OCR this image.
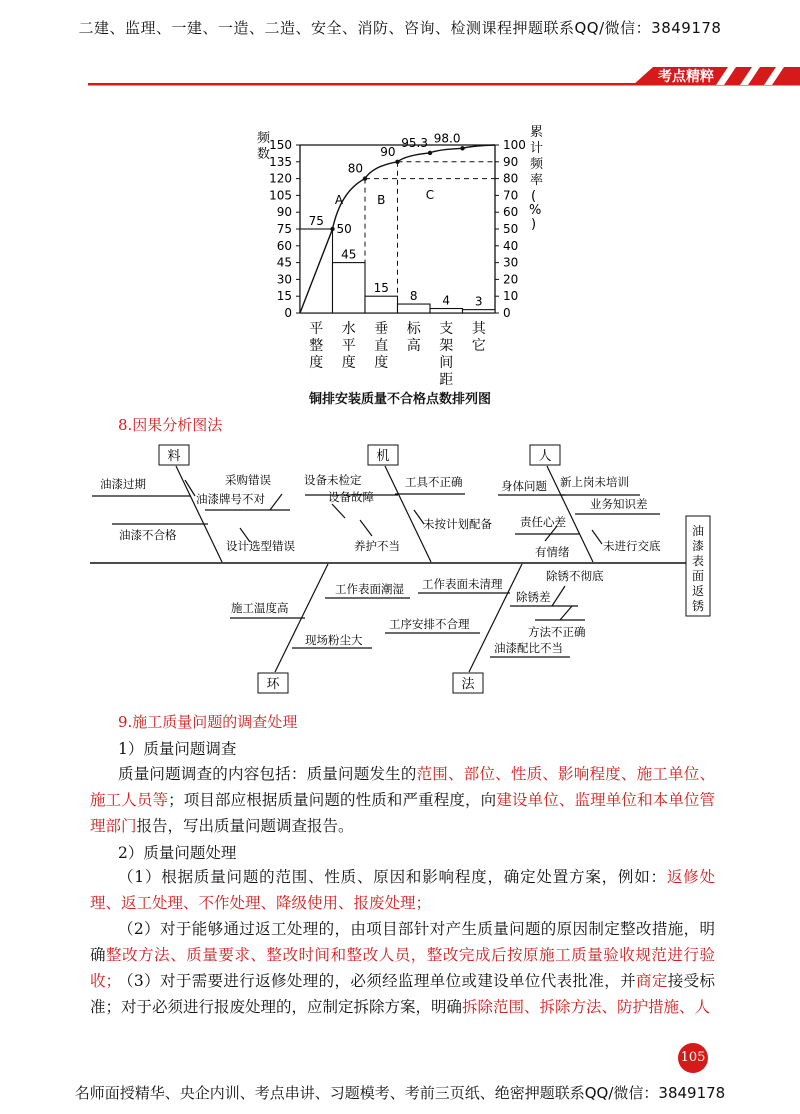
二建、监理、一建、一造、二造、安全、消防、咨询、检测课程押题联系QQ/微信：3849178
考点精粹
频数
累计频率( % )
0
15
30
45
60
75
90
105
120
135
150
0
10
20
30
40
50
60
70
80
90
100
75
平
整
度
45
水
平
度
15
垂
直
度
8
标
高
4
支
架
间
距
3
其
它
50
80
90
95.3 98.0
A	B	C
铜排安装质量不合格点数排列图
8.因果分析图法
油
漆
表
面
返
锈
料	机	人
环	法
油漆过期	采购错误
油漆牌号不对
油漆不合格
设计选型错误
设备未检定
设备故障
工具不正确
未按计划配备
养护不当
身体问题 新上岗未培训
业务知识差
责任心差
有情绪	未进行交底
工作表面潮湿
施工温度高
现场粉尘大
工作表面未清理
除锈不彻底
除锈差
方法不正确
工序安排不合理
油漆配比不当
9.施工质量问题的调查处理
1）质量问题调查
质量问题调查的内容包括：质量问题发生的范围、部位、性质、影响程度、施工单位、施工人员等；项目部应根据质量问题的性质和严重程度，向建设单位、监理单位和本单位管理部门报告，写出质量问题调查报告。
2）质量问题处理
（1）根据质量问题的范围、性质、原因和影响程度，确定处置方案，例如：返修处理、返工处理、不作处理、降级使用、报废处理；
（2）对于能够通过返工处理的，由项目部针对产生质量问题的原因制定整改措施，明确整改方法、质量要求、整改时间和整改人员，整改完成后按原施工质量验收规范进行验收；
（3）对于需要进行返修处理的，必须经监理单位或建设单位代表批准，并商定接受标准；对于必须进行报废处理的，应制定拆除方案，明确拆除范围、拆除方法、防护措施、人
105
名师面授精华、央企内训、考点串讲、习题模考、考前三页纸、绝密押题联系QQ/微信：3849178
